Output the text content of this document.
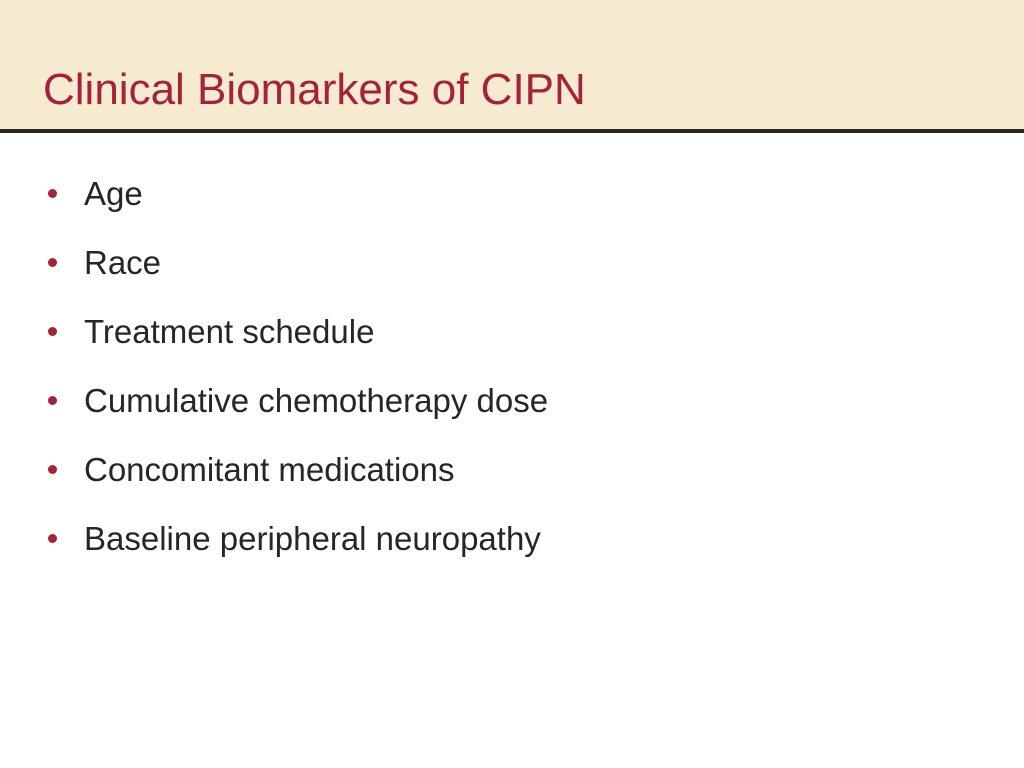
Clinical Biomarkers of CIPN
Age
Race
Treatment schedule
Cumulative chemotherapy dose
Concomitant medications
Baseline peripheral neuropathy
